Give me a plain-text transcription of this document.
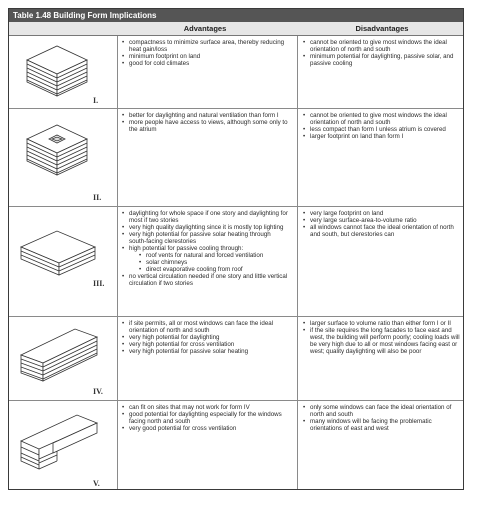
Table 1.48 Building Form Implications
Advantages	Disadvantages
I.
• compactness to minimize surface area, thereby reducing heat gain/loss
• minimum footprint on land
• good for cold climates
• cannot be oriented to give most windows the ideal orientation of north and south
• minimum potential for daylighting, passive solar, and passive cooling
II.
• better for daylighting and natural ventilation than form I
• more people have access to views, although some only to the atrium
• cannot be oriented to give most windows the ideal orientation of north and south
• less compact than form I unless atrium is covered
• larger footprint on land than form I
III.
• daylighting for whole space if one story and daylighting for most if two stories
• very high quality daylighting since it is mostly top lighting
• very high potential for passive solar heating through south-facing clerestories
• high potential for passive cooling through:
• roof vents for natural and forced ventilation
• solar chimneys
• direct evaporative cooling from roof
• no vertical circulation needed if one story and little vertical circulation if two stories
• very large footprint on land
• very large surface-area-to-volume ratio
• all windows cannot face the ideal orientation of north and south, but clerestories can
IV.
• if site permits, all or most windows can face the ideal orientation of north and south
• very high potential for daylighting
• very high potential for cross ventilation
• very high potential for passive solar heating
• larger surface to volume ratio than either form I or II
• if the site requires the long facades to face east and west, the building will perform poorly; cooling loads will be very high due to all or most windows facing east or west; quality daylighting will also be poor
V.
• can fit on sites that may not work for form IV
• good potential for daylighting especially for the windows facing north and south
• very good potential for cross ventilation
• only some windows can face the ideal orientation of north and south
• many windows will be facing the problematic orientations of east and west
